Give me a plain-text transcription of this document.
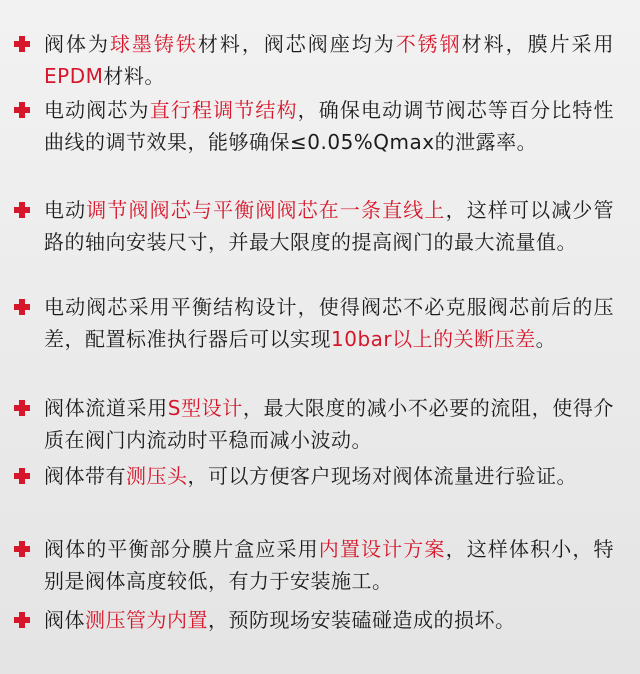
阀体为球墨铸铁材料，阀芯阀座均为不锈钢材料，膜片采用EPDM材料。
电动阀芯为直行程调节结构，确保电动调节阀芯等百分比特性曲线的调节效果，能够确保≤0.05%Qmax的泄露率。
电动调节阀阀芯与平衡阀阀芯在一条直线上，这样可以减少管路的轴向安装尺寸，并最大限度的提高阀门的最大流量值。
电动阀芯采用平衡结构设计，使得阀芯不必克服阀芯前后的压差，配置标准执行器后可以实现10bar以上的关断压差。
阀体流道采用S型设计，最大限度的减小不必要的流阻，使得介质在阀门内流动时平稳而减小波动。
阀体带有测压头，可以方便客户现场对阀体流量进行验证。
阀体的平衡部分膜片盒应采用内置设计方案，这样体积小，特别是阀体高度较低，有力于安装施工。
阀体测压管为内置，预防现场安装磕碰造成的损坏。
